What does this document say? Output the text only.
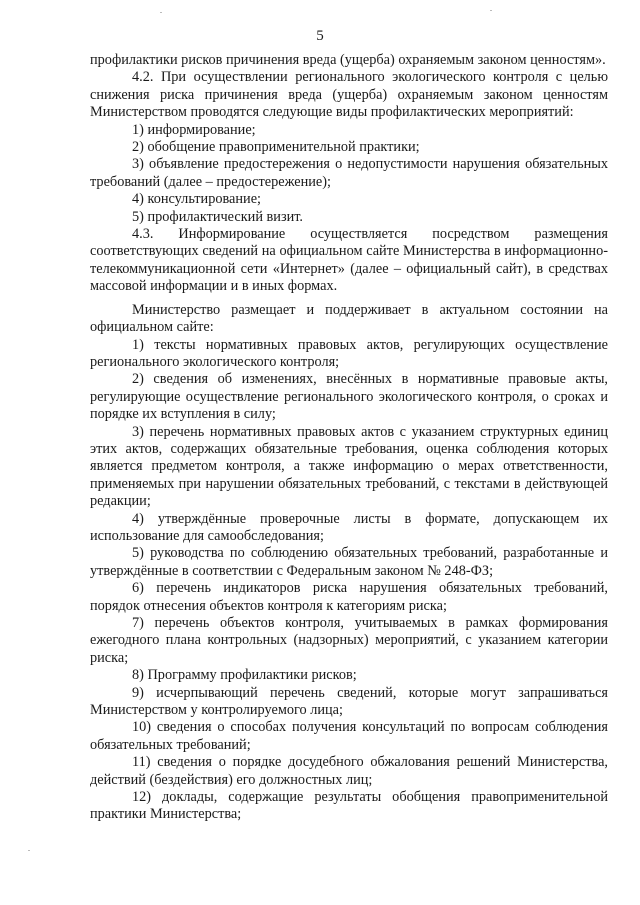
5

профилактики рисков причинения вреда (ущерба) охраняемым законом ценностям».

4.2. При осуществлении регионального экологического контроля с целью снижения риска причинения вреда (ущерба) охраняемым законом ценностям Министерством проводятся следующие виды профилактических мероприятий:

1) информирование;

2) обобщение правоприменительной практики;

3) объявление предостережения о недопустимости нарушения обязательных требований (далее – предостережение);

4) консультирование;

5) профилактический визит.

4.3. Информирование осуществляется посредством размещения соответствующих сведений на официальном сайте Министерства в информационно-телекоммуникационной сети «Интернет» (далее – официальный сайт), в средствах массовой информации и в иных формах.

Министерство размещает и поддерживает в актуальном состоянии на официальном сайте:

1) тексты нормативных правовых актов, регулирующих осуществление регионального экологического контроля;

2) сведения об изменениях, внесённых в нормативные правовые акты, регулирующие осуществление регионального экологического контроля, о сроках и порядке их вступления в силу;

3) перечень нормативных правовых актов с указанием структурных единиц этих актов, содержащих обязательные требования, оценка соблюдения которых является предметом контроля, а также информацию о мерах ответственности, применяемых при нарушении обязательных требований, с текстами в действующей редакции;

4) утверждённые проверочные листы в формате, допускающем их использование для самообследования;

5) руководства по соблюдению обязательных требований, разработанные и утверждённые в соответствии с Федеральным законом № 248-ФЗ;

6) перечень индикаторов риска нарушения обязательных требований, порядок отнесения объектов контроля к категориям риска;

7) перечень объектов контроля, учитываемых в рамках формирования ежегодного плана контрольных (надзорных) мероприятий, с указанием категории риска;

8) Программу профилактики рисков;

9) исчерпывающий перечень сведений, которые могут запрашиваться Министерством у контролируемого лица;

10) сведения о способах получения консультаций по вопросам соблюдения обязательных требований;

11) сведения о порядке досудебного обжалования решений Министерства, действий (бездействия) его должностных лиц;

12) доклады, содержащие результаты обобщения правоприменительной практики Министерства;
